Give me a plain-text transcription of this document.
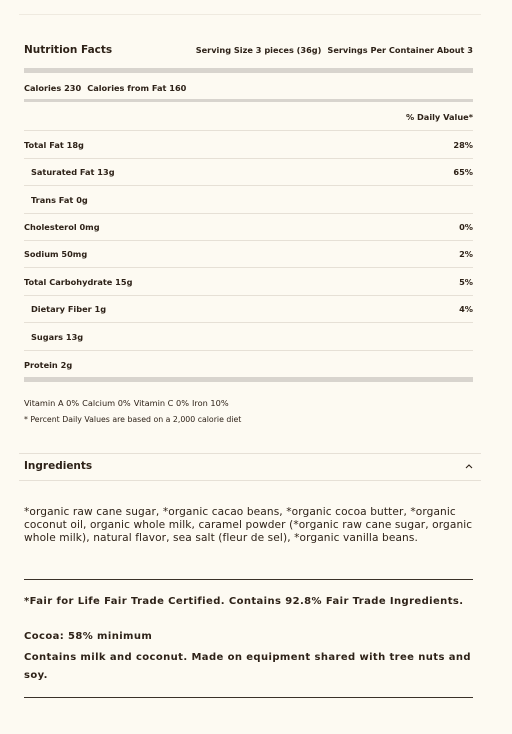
Nutrition Facts	Serving Size 3 pieces (36g) Servings Per Container About 3
Calories 230 Calories from Fat 160
% Daily Value*
Total Fat 18g	28%
Saturated Fat 13g	65%
Trans Fat 0g
Cholesterol 0mg	0%
Sodium 50mg	2%
Total Carbohydrate 15g	5%
Dietary Fiber 1g	4%
Sugars 13g
Protein 2g
Vitamin A 0% Calcium 0% Vitamin C 0% Iron 10%
* Percent Daily Values are based on a 2,000 calorie diet
Ingredients
*organic raw cane sugar, *organic cacao beans, *organic cocoa butter, *organic coconut oil, organic whole milk, caramel powder (*organic raw cane sugar, organic whole milk), natural flavor, sea salt (fleur de sel), *organic vanilla beans.
*Fair for Life Fair Trade Certified. Contains 92.8% Fair Trade Ingredients.
Cocoa: 58% minimum
Contains milk and coconut. Made on equipment shared with tree nuts and soy.
